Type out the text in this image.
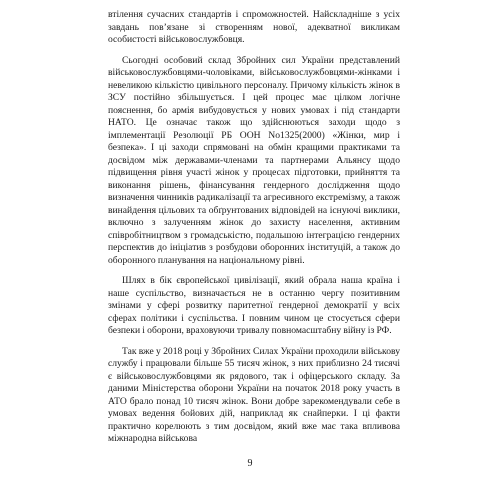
втілення сучасних стандартів і спроможностей. Найскладніше з усіх завдань пов’язане зі створенням нової, адекватної викликам особистості військовослужбовця.

Сьогодні особовий склад Збройних сил України представлений військовослужбовцями-чоловіками, військовослужбовцями-жінками і невеликою кількістю цивільного персоналу. Причому кількість жінок в ЗСУ постійно збільшується. І цей процес має цілком логічне пояснення, бо армія вибудовується у нових умовах і під стандарти НАТО. Це означає також що здійснюються заходи щодо з імплементації Резолюції РБ ООН No1325(2000) «Жінки, мир і безпека». І ці заходи спрямовані на обмін кращими практиками та досвідом між державами-членами та партнерами Альянсу щодо підвищення рівня участі жінок у процесах підготовки, прийняття та виконання рішень, фінансування гендерного дослідження щодо визначення чинників радикалізації та агресивного екстремізму, а також винайдення цільових та обґрунтованих відповідей на існуючі виклики, включно з залученням жінок до захисту населення, активним співробітництвом з громадськістю, подальшою інтеграцією гендерних перспектив до ініціатив з розбудови оборонних інституцій, а також до оборонного планування на національному рівні.

Шлях в бік європейської цивілізації, який обрала наша країна і наше суспільство, визначається не в останню чергу позитивним змінами у сфері розвитку паритетної гендерної демократії у всіх сферах політики і суспільства. І повним чином це стосується сфери безпеки і оборони, враховуючи тривалу повномасштабну війну із РФ.

Так вже у 2018 році у Збройних Силах України проходили військову службу і працювали більше 55 тисяч жінок, з них приблизно 24 тисячі є військовослужбовцями як рядового, так і офіцерського складу. За даними Міністерства оборони України на початок 2018 року участь в АТО брало понад 10 тисяч жінок. Вони добре зарекомендували себе в умовах ведення бойових дій, наприклад як снайперки. І ці факти практично корелюють з тим досвідом, який вже має така впливова міжнародна військова

9
